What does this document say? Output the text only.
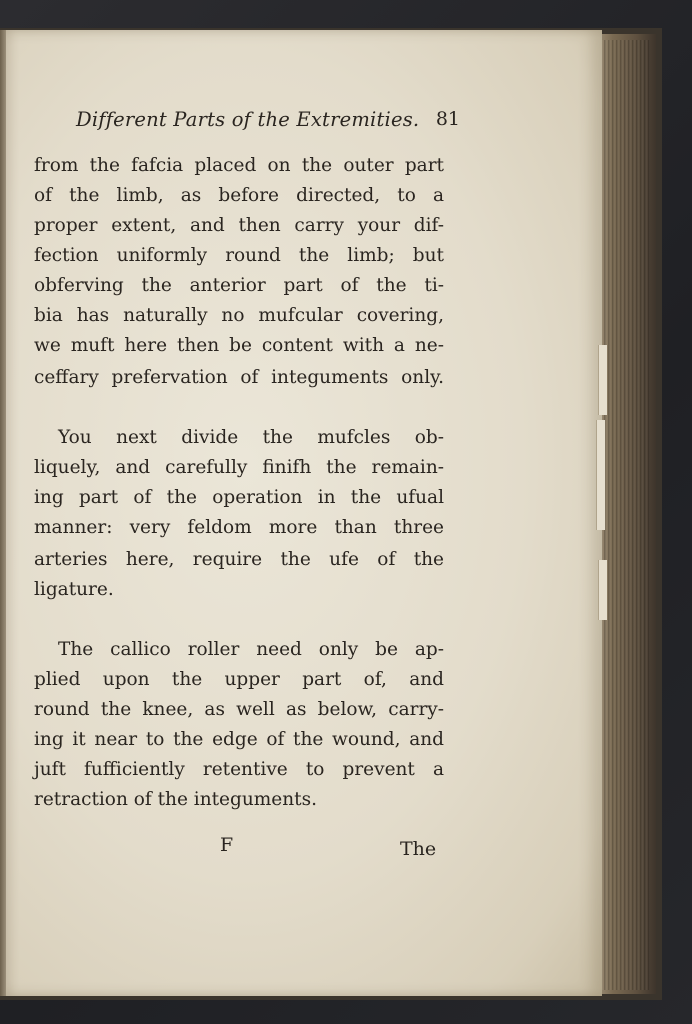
Different Parts of the Extremities. 81
from the fafcia placed on the outer part
of the limb, as before directed, to a
proper extent, and then carry your dif-
fection uniformly round the limb; but
obferving the anterior part of the ti-
bia has naturally no mufcular covering,
we muft here then be content with a ne-
ceffary prefervation of integuments only.
You next divide the mufcles ob-
liquely, and carefully finifh the remain-
ing part of the operation in the ufual
manner: very feldom more than three
arteries here, require the ufe of the
ligature.
The callico roller need only be ap-
plied upon the upper part of, and
round the knee, as well as below, carry-
ing it near to the edge of the wound, and
juft fufficiently retentive to prevent a
retraction of the integuments.
F	The
